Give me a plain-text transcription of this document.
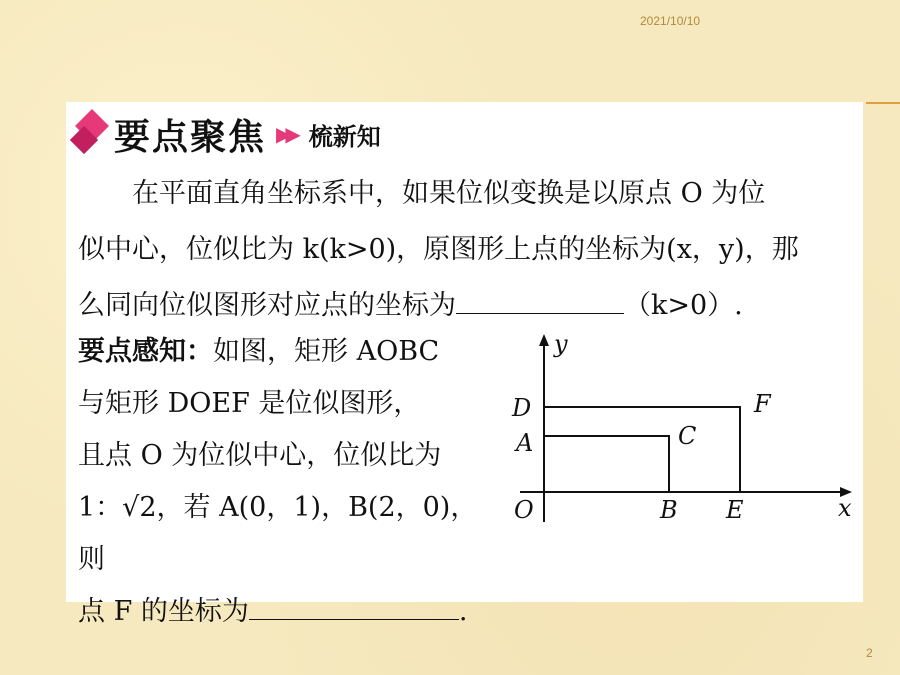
2021/10/10
要点聚焦 ▶▶ 梳新知
在平面直角坐标系中，如果位似变换是以原点 O 为位
似中心，位似比为 k(k>0)，原图形上点的坐标为(x，y)，那
么同向位似图形对应点的坐标为	（k>0）.
要点感知：如图，矩形 AOBC
与矩形 DOEF 是位似图形，
且点 O 为位似中心，位似比为
1：√2，若 A(0，1)，B(2，0)，则
点 F 的坐标为	.
y
x
O
D
A	C
F
B E
2
